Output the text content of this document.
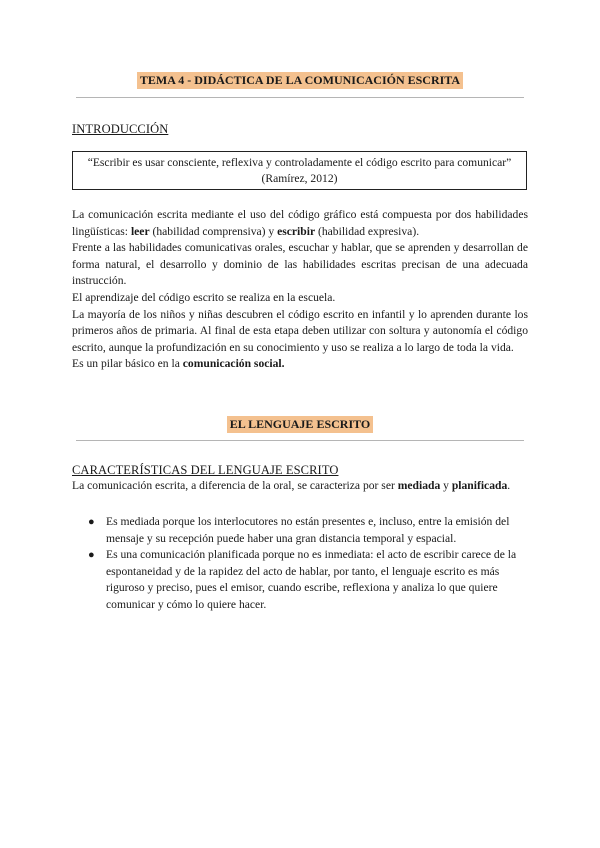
TEMA 4 - DIDÁCTICA DE LA COMUNICACIÓN ESCRITA
INTRODUCCIÓN
“Escribir es usar consciente, reflexiva y controladamente el código escrito para comunicar”
(Ramírez, 2012)

La comunicación escrita mediante el uso del código gráfico está compuesta por dos habilidades lingüísticas: leer (habilidad comprensiva) y escribir (habilidad expresiva).

Frente a las habilidades comunicativas orales, escuchar y hablar, que se aprenden y desarrollan de forma natural, el desarrollo y dominio de las habilidades escritas precisan de una adecuada instrucción.

El aprendizaje del código escrito se realiza en la escuela.

La mayoría de los niños y niñas descubren el código escrito en infantil y lo aprenden durante los primeros años de primaria. Al final de esta etapa deben utilizar con soltura y autonomía el código escrito, aunque la profundización en su conocimiento y uso se realiza a lo largo de toda la vida.

Es un pilar básico en la comunicación social.

EL LENGUAJE ESCRITO
CARACTERÍSTICAS DEL LENGUAJE ESCRITO

La comunicación escrita, a diferencia de la oral, se caracteriza por ser mediada y planificada.

● Es mediada porque los interlocutores no están presentes e, incluso, entre la emisión del mensaje y su recepción puede haber una gran distancia temporal y espacial.
● Es una comunicación planificada porque no es inmediata: el acto de escribir carece de la espontaneidad y de la rapidez del acto de hablar, por tanto, el lenguaje escrito es más riguroso y preciso, pues el emisor, cuando escribe, reflexiona y analiza lo que quiere comunicar y cómo lo quiere hacer.
